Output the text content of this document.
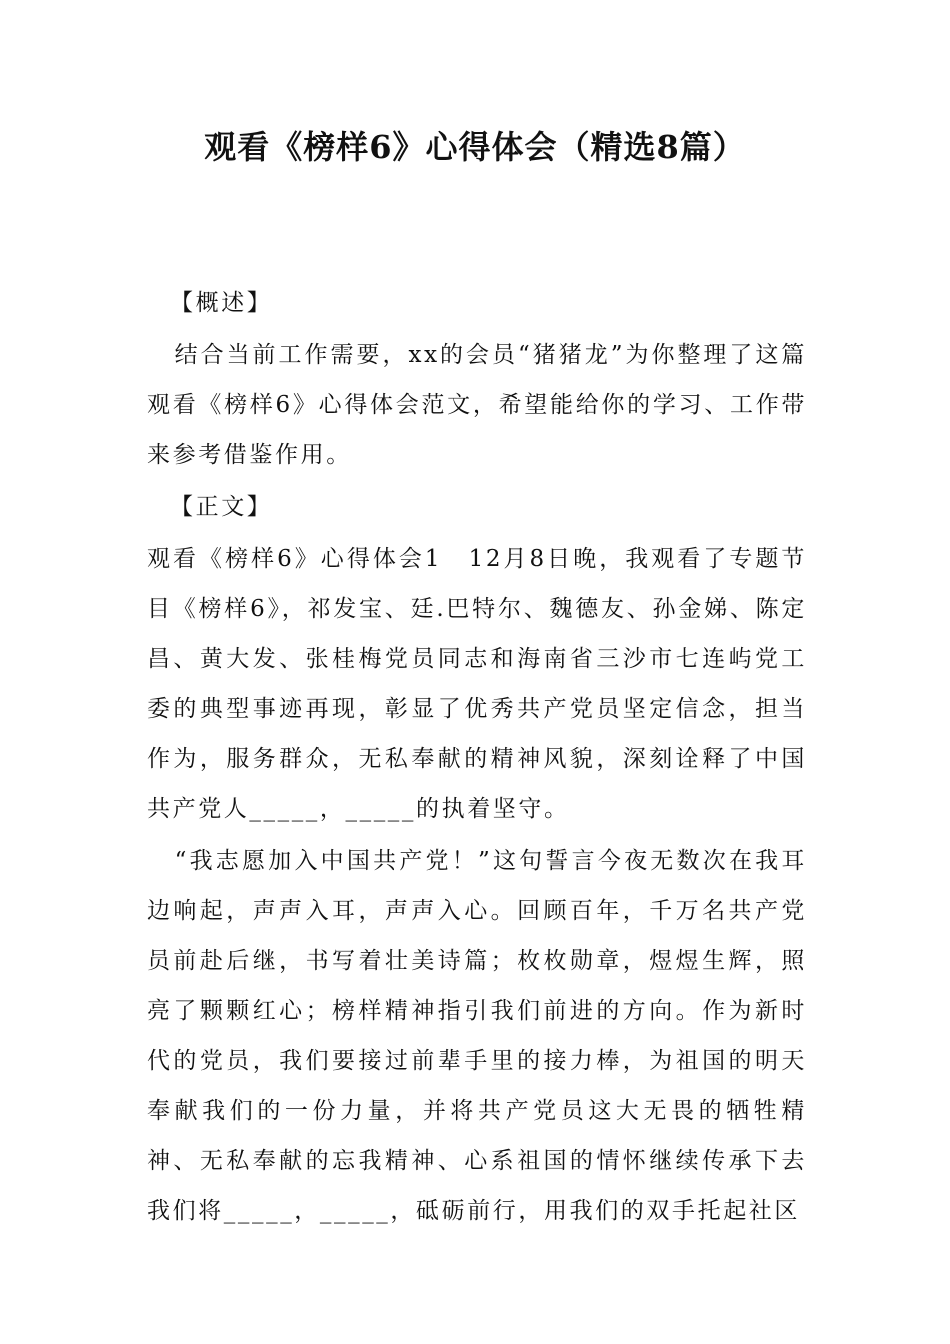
观看《榜样6》心得体会（精选8篇）

【概述】

结合当前工作需要，xx的会员“猪猪龙”为你整理了这篇观看《榜样6》心得体会范文，希望能给你的学习、工作带来参考借鉴作用。

【正文】

观看《榜样6》心得体会1　12月8日晚，我观看了专题节目《榜样6》，祁发宝、廷.巴特尔、魏德友、孙金娣、陈定昌、黄大发、张桂梅党员同志和海南省三沙市七连屿党工委的典型事迹再现，彰显了优秀共产党员坚定信念，担当作为，服务群众，无私奉献的精神风貌，深刻诠释了中国共产党人_____，_____的执着坚守。

“我志愿加入中国共产党！”这句誓言今夜无数次在我耳边响起，声声入耳，声声入心。回顾百年，千万名共产党员前赴后继，书写着壮美诗篇；枚枚勋章，煜煜生辉，照亮了颗颗红心；榜样精神指引我们前进的方向。作为新时代的党员，我们要接过前辈手里的接力棒，为祖国的明天奉献我们的一份力量，并将共产党员这大无畏的牺牲精神、无私奉献的忘我精神、心系祖国的情怀继续传承下去我们将_____，_____，砥砺前行，用我们的双手托起社区
